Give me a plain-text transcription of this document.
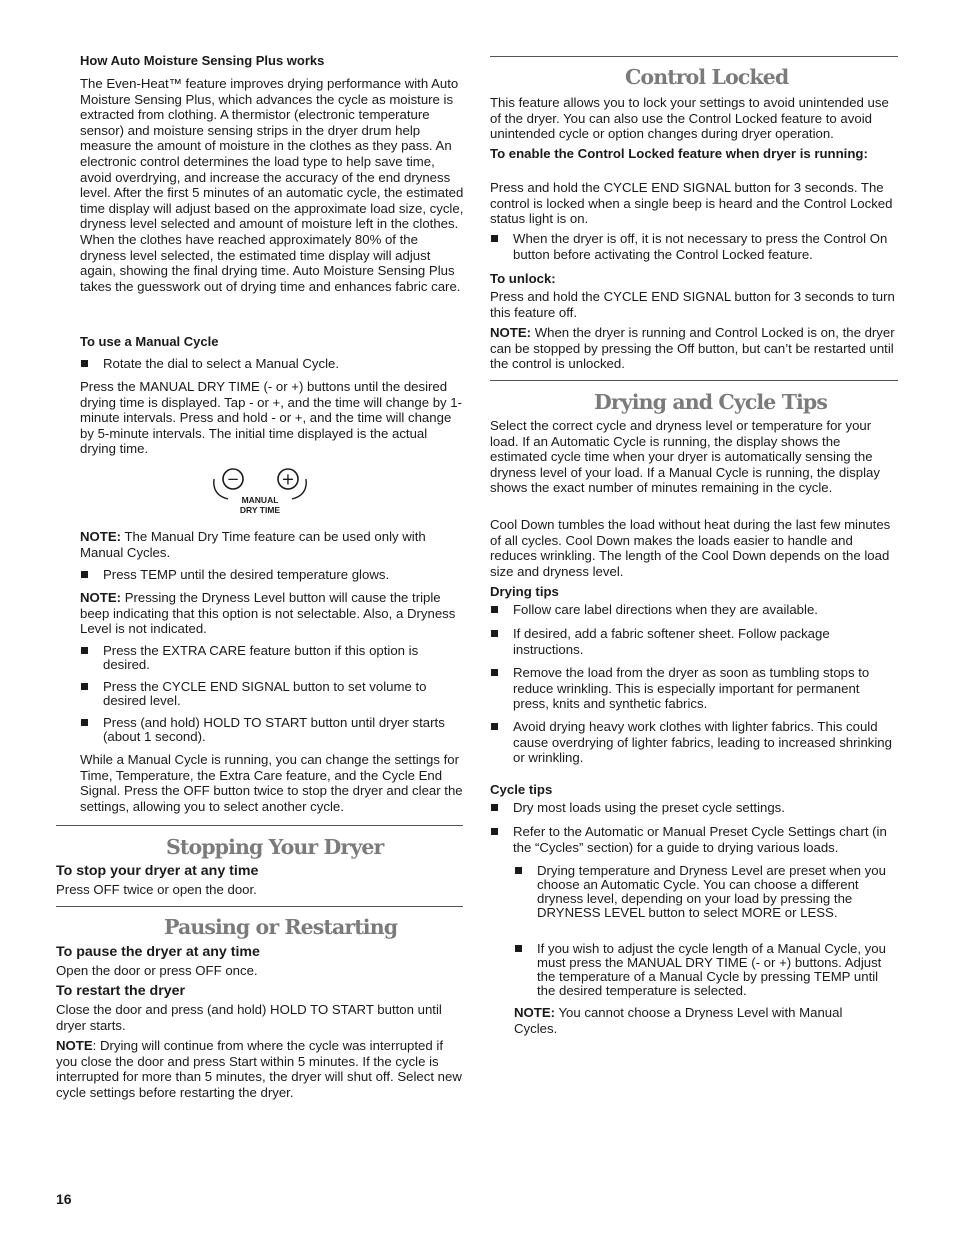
How Auto Moisture Sensing Plus works

The Even-Heat™ feature improves drying performance with Auto Moisture Sensing Plus, which advances the cycle as moisture is extracted from clothing. A thermistor (electronic temperature sensor) and moisture sensing strips in the dryer drum help measure the amount of moisture in the clothes as they pass. An electronic control determines the load type to help save time, avoid overdrying, and increase the accuracy of the end dryness level. After the first 5 minutes of an automatic cycle, the estimated time display will adjust based on the approximate load size, cycle, dryness level selected and amount of moisture left in the clothes. When the clothes have reached approximately 80% of the dryness level selected, the estimated time display will adjust again, showing the final drying time. Auto Moisture Sensing Plus takes the guesswork out of drying time and enhances fabric care.

To use a Manual Cycle
Rotate the dial to select a Manual Cycle.

Press the MANUAL DRY TIME (- or +) buttons until the desired drying time is displayed. Tap - or +, and the time will change by 1-minute intervals. Press and hold - or +, and the time will change by 5-minute intervals. The initial time displayed is the actual drying time.

−	+
MANUAL
DRY TIME

NOTE: The Manual Dry Time feature can be used only with Manual Cycles.

Press TEMP until the desired temperature glows.

NOTE: Pressing the Dryness Level button will cause the triple beep indicating that this option is not selectable. Also, a Dryness Level is not indicated.

Press the EXTRA CARE feature button if this option is desired.
Press the CYCLE END SIGNAL button to set volume to desired level.
Press (and hold) HOLD TO START button until dryer starts (about 1 second).

While a Manual Cycle is running, you can change the settings for Time, Temperature, the Extra Care feature, and the Cycle End Signal. Press the OFF button twice to stop the dryer and clear the settings, allowing you to select another cycle.

Stopping Your Dryer
To stop your dryer at any time

Press OFF twice or open the door.

Pausing or Restarting
To pause the dryer at any time

Open the door or press OFF once.

To restart the dryer

Close the door and press (and hold) HOLD TO START button until dryer starts.

NOTE: Drying will continue from where the cycle was interrupted if you close the door and press Start within 5 minutes. If the cycle is interrupted for more than 5 minutes, the dryer will shut off. Select new cycle settings before restarting the dryer.

Control Locked

This feature allows you to lock your settings to avoid unintended use of the dryer. You can also use the Control Locked feature to avoid unintended cycle or option changes during dryer operation.

To enable the Control Locked feature when dryer is running:

Press and hold the CYCLE END SIGNAL button for 3 seconds. The control is locked when a single beep is heard and the Control Locked status light is on.

When the dryer is off, it is not necessary to press the Control On button before activating the Control Locked feature.
To unlock:

Press and hold the CYCLE END SIGNAL button for 3 seconds to turn this feature off.

NOTE: When the dryer is running and Control Locked is on, the dryer can be stopped by pressing the Off button, but can’t be restarted until the control is unlocked.

Drying and Cycle Tips

Select the correct cycle and dryness level or temperature for your load. If an Automatic Cycle is running, the display shows the estimated cycle time when your dryer is automatically sensing the dryness level of your load. If a Manual Cycle is running, the display shows the exact number of minutes remaining in the cycle.

Cool Down tumbles the load without heat during the last few minutes of all cycles. Cool Down makes the loads easier to handle and reduces wrinkling. The length of the Cool Down depends on the load size and dryness level.

Drying tips
Follow care label directions when they are available.
If desired, add a fabric softener sheet. Follow package instructions.
Remove the load from the dryer as soon as tumbling stops to reduce wrinkling. This is especially important for permanent press, knits and synthetic fabrics.
Avoid drying heavy work clothes with lighter fabrics. This could cause overdrying of lighter fabrics, leading to increased shrinking or wrinkling.
Cycle tips
Dry most loads using the preset cycle settings.
Refer to the Automatic or Manual Preset Cycle Settings chart (in the “Cycles” section) for a guide to drying various loads.
Drying temperature and Dryness Level are preset when you choose an Automatic Cycle. You can choose a different dryness level, depending on your load by pressing the DRYNESS LEVEL button to select MORE or LESS.
If you wish to adjust the cycle length of a Manual Cycle, you must press the MANUAL DRY TIME (- or +) buttons. Adjust the temperature of a Manual Cycle by pressing TEMP until the desired temperature is selected.

NOTE: You cannot choose a Dryness Level with Manual Cycles.

16
